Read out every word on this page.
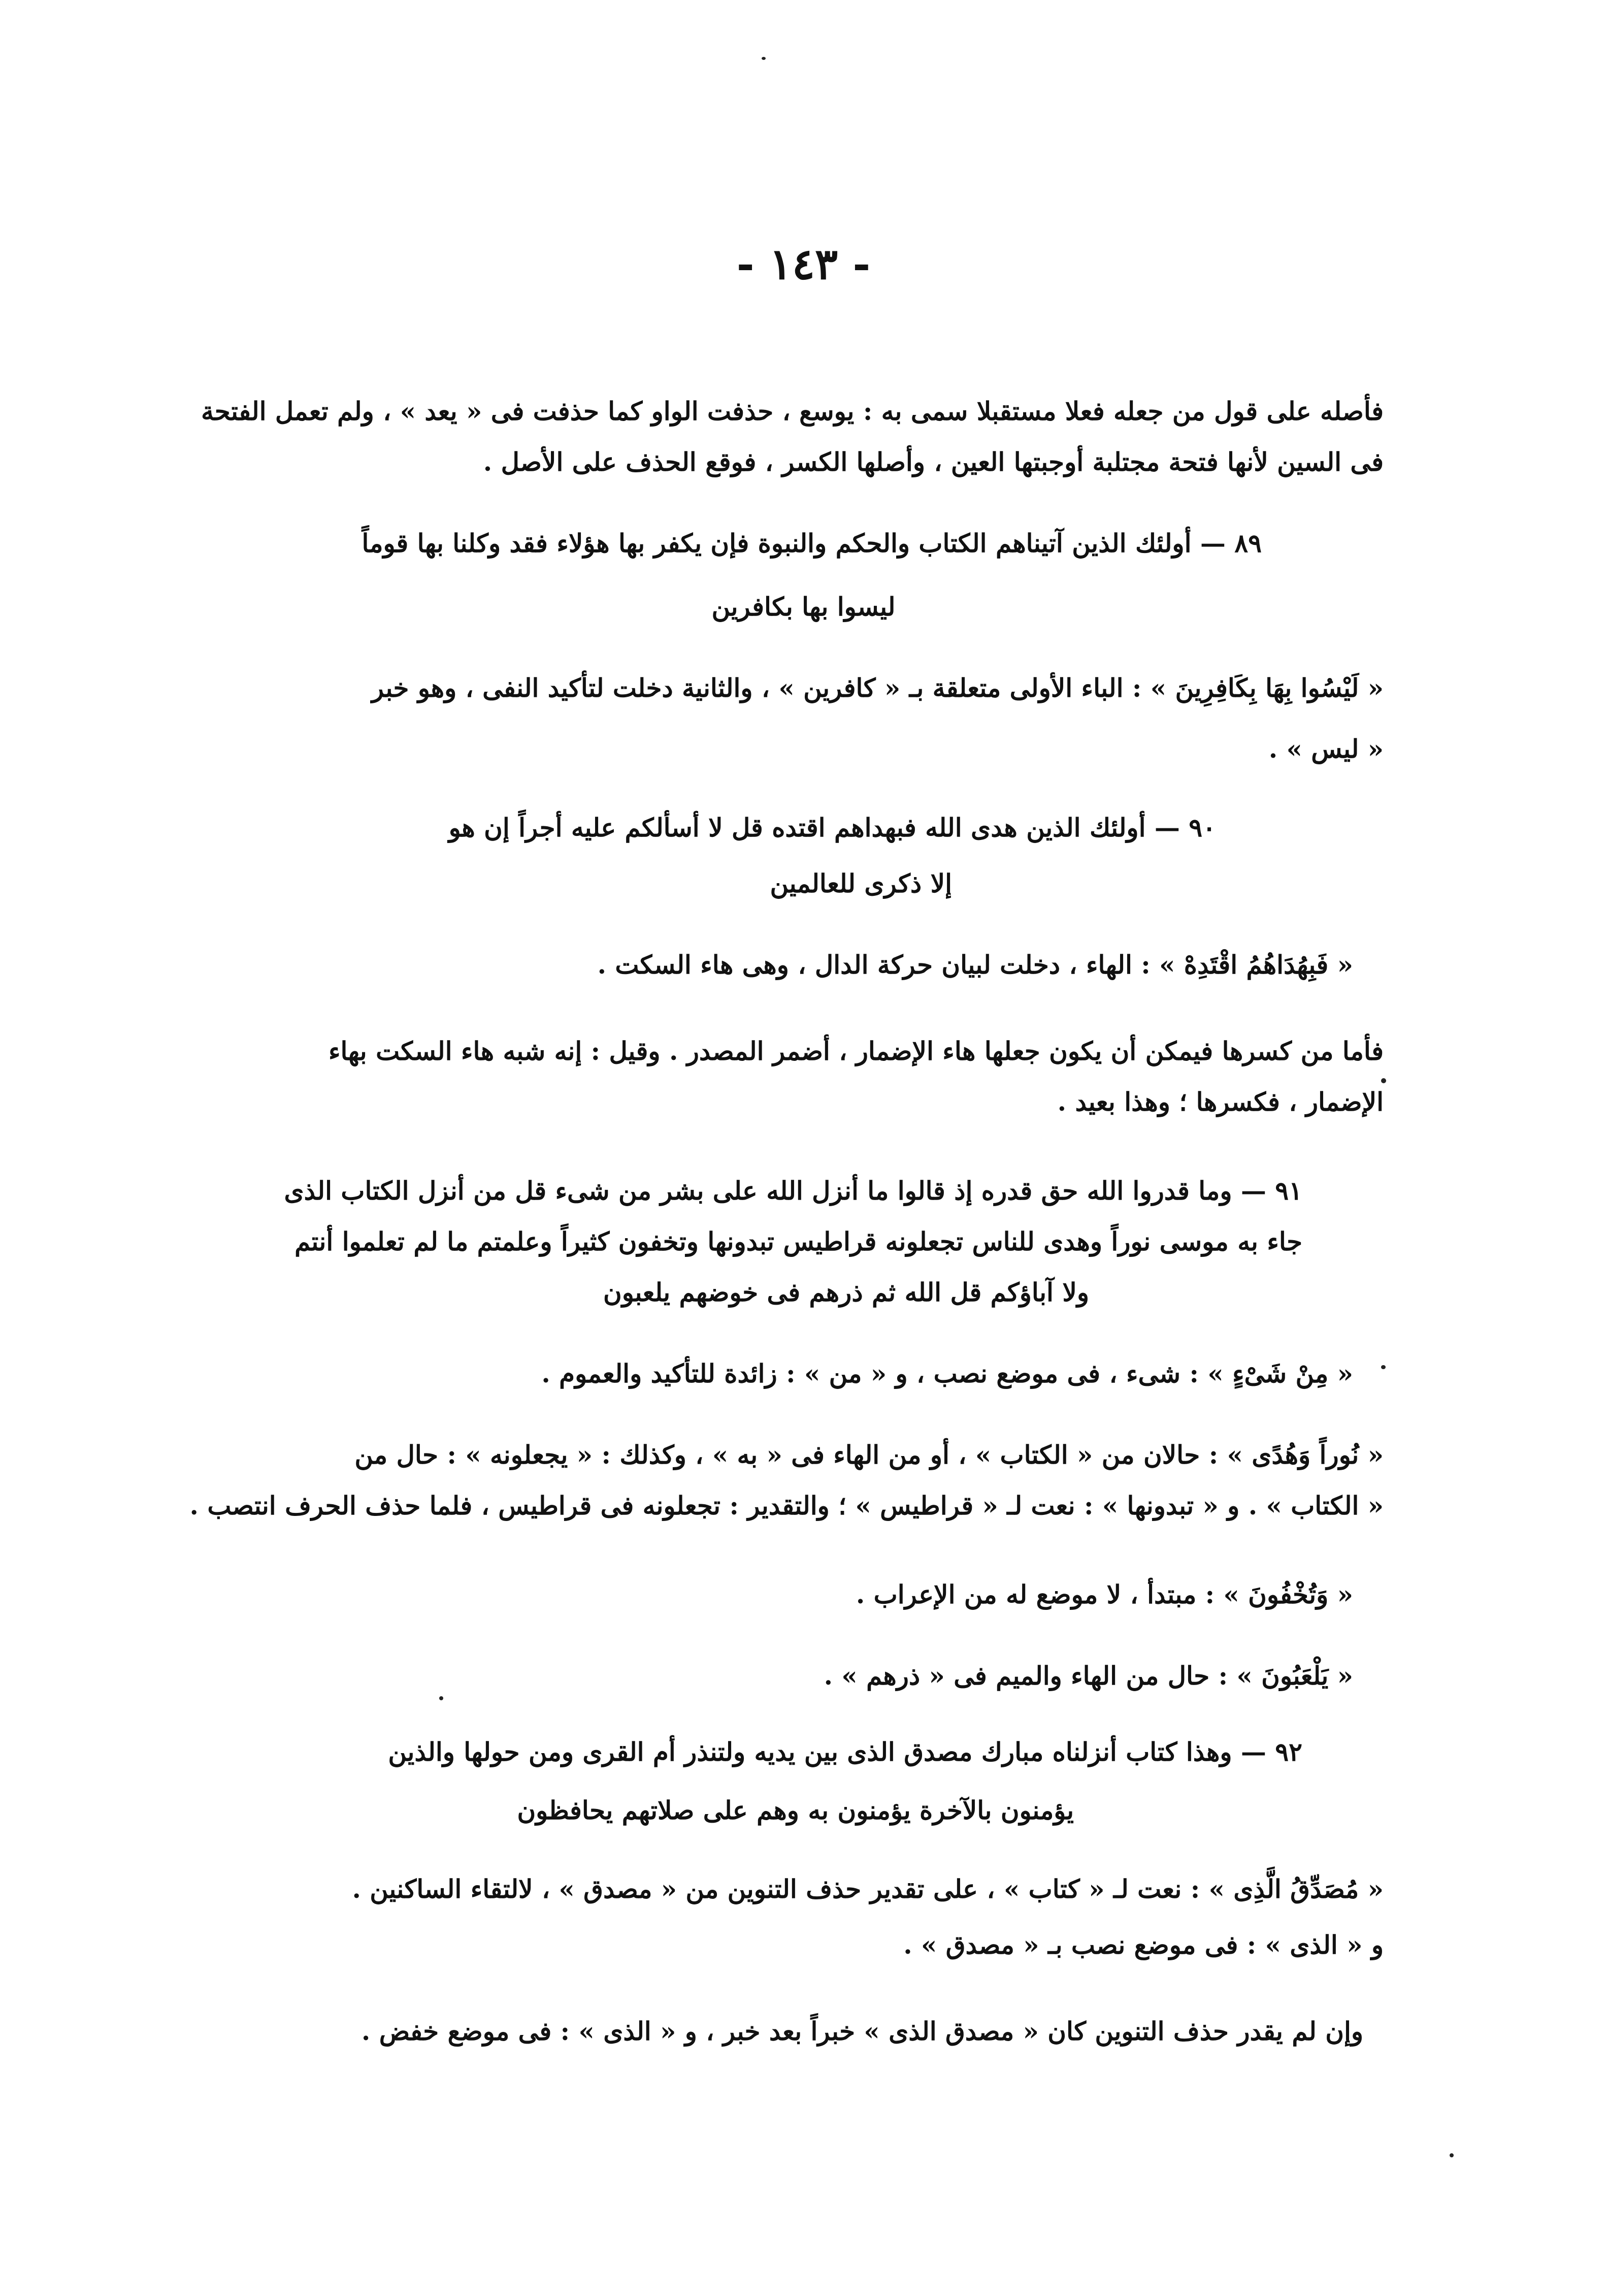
- ١٤٣ -
فأصله على قول من جعله فعلا مستقبلا سمى به : يوسع ، حذفت الواو كما حذفت فى « يعد » ، ولم تعمل الفتحة
فى السين لأنها فتحة مجتلبة أوجبتها العين ، وأصلها الكسر ، فوقع الحذف على الأصل .
٨٩ — أولئك الذين آتيناهم الكتاب والحكم والنبوة فإن يكفر بها هؤلاء فقد وكلنا بها قوماً
ليسوا بها بكافرين
« لَيْسُوا بِهَا بِكَافِرِينَ » : الباء الأولى متعلقة بـ « كافرين » ، والثانية دخلت لتأكيد النفى ، وهو خبر
« ليس » .
٩٠ — أولئك الذين هدى الله فبهداهم اقتده قل لا أسألكم عليه أجراً إن هو
إلا ذكرى للعالمين
« فَبِهُدَاهُمُ اقْتَدِهْ » : الهاء ، دخلت لبيان حركة الدال ، وهى هاء السكت .
فأما من كسرها فيمكن أن يكون جعلها هاء الإضمار ، أضمر المصدر . وقيل : إنه شبه هاء السكت بهاء
الإضمار ، فكسرها ؛ وهذا بعيد .
٩١ — وما قدروا الله حق قدره إذ قالوا ما أنزل الله على بشر من شىء قل من أنزل الكتاب الذى
جاء به موسى نوراً وهدى للناس تجعلونه قراطيس تبدونها وتخفون كثيراً وعلمتم ما لم تعلموا أنتم
ولا آباؤكم قل الله ثم ذرهم فى خوضهم يلعبون
« مِنْ شَىْءٍ » : شىء ، فى موضع نصب ، و « من » : زائدة للتأكيد والعموم .
« نُوراً وَهُدًى » : حالان من « الكتاب » ، أو من الهاء فى « به » ، وكذلك : « يجعلونه » : حال من
« الكتاب » . و « تبدونها » : نعت لـ « قراطيس » ؛ والتقدير : تجعلونه فى قراطيس ، فلما حذف الحرف انتصب .
« وَتُخْفُونَ » : مبتدأ ، لا موضع له من الإعراب .
« يَلْعَبُونَ » : حال من الهاء والميم فى « ذرهم » .
٩٢ — وهذا كتاب أنزلناه مبارك مصدق الذى بين يديه ولتنذر أم القرى ومن حولها والذين
يؤمنون بالآخرة يؤمنون به وهم على صلاتهم يحافظون
« مُصَدِّقُ الَّذِى » : نعت لـ « كتاب » ، على تقدير حذف التنوين من « مصدق » ، لالتقاء الساكنين .
و « الذى » : فى موضع نصب بـ « مصدق » .
وإن لم يقدر حذف التنوين كان « مصدق الذى » خبراً بعد خبر ، و « الذى » : فى موضع خفض .
